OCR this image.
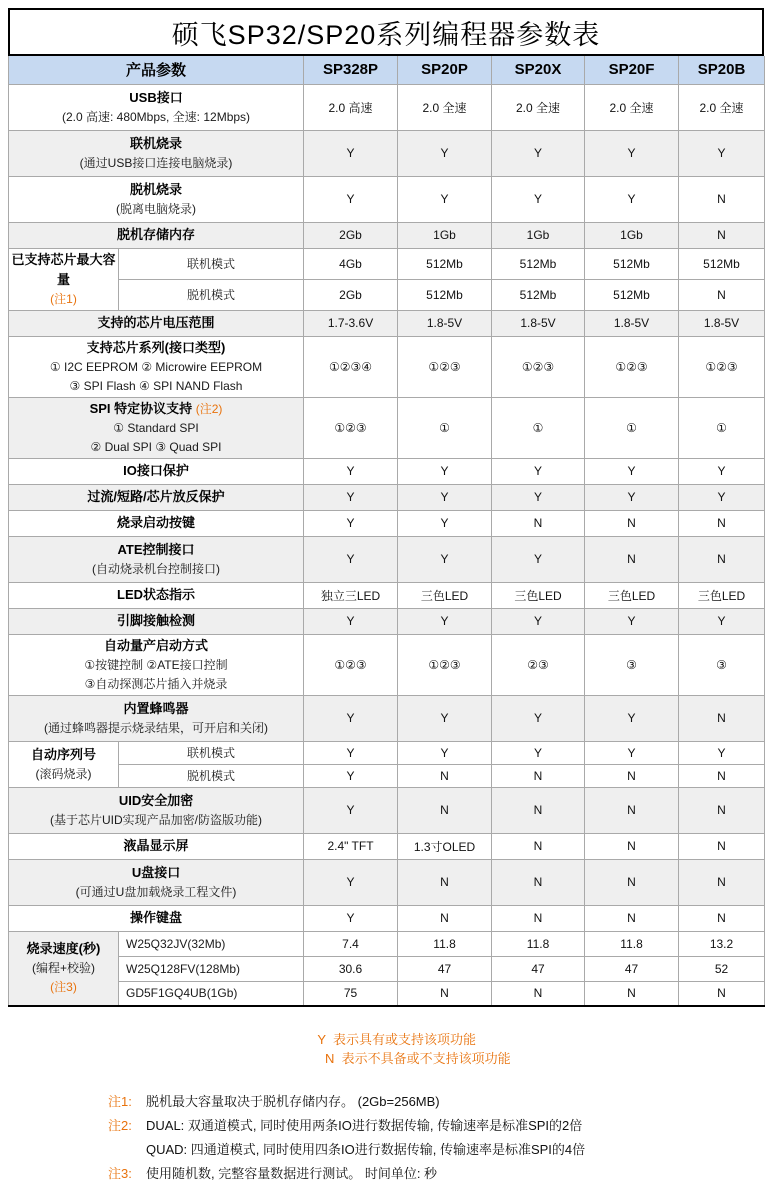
硕飞SP32/SP20系列编程器参数表
产品参数		SP328P	SP20P	SP20X	SP20F	SP20B

USB接口
(2.0 高速: 480Mbps, 全速: 12Mbps)		2.0 高速	2.0 全速	2.0 全速	2.0 全速	2.0 全速

联机烧录
(通过USB接口连接电脑烧录)		Y	Y	Y	Y	Y

脱机烧录
(脱离电脑烧录)		Y	Y	Y	Y	N

脱机存储内存		2Gb	1Gb	1Gb	1Gb	N

已支持芯片最大容量
(注1)	联机模式	4Gb	512Mb	512Mb	512Mb	512Mb
	脱机模式	2Gb	512Mb	512Mb	512Mb	N

支持的芯片电压范围		1.7-3.6V	1.8-5V	1.8-5V	1.8-5V	1.8-5V

支持芯片系列(接口类型)
① I2C EEPROM ② Microwire EEPROM
③ SPI Flash ④ SPI NAND Flash		①②③④	①②③	①②③	①②③	①②③

SPI 特定协议支持 (注2)
① Standard SPI
② Dual SPI ③ Quad SPI		①②③	①	①	①	①

IO接口保护		Y	Y	Y	Y	Y

过流/短路/芯片放反保护		Y	Y	Y	Y	Y

烧录启动按键		Y	Y	N	N	N

ATE控制接口
(自动烧录机台控制接口)		Y	Y	Y	N	N

LED状态指示		独立三LED	三色LED	三色LED	三色LED	三色LED

引脚接触检测		Y	Y	Y	Y	Y

自动量产启动方式
①按键控制 ②ATE接口控制
③自动探测芯片插入并烧录		①②③	①②③	②③	③	③

内置蜂鸣器
(通过蜂鸣器提示烧录结果，可开启和关闭)		Y	Y	Y	Y	N

自动序列号
(滚码烧录)	联机模式	Y	Y	Y	Y	Y
	脱机模式	Y	N	N	N	N

UID安全加密
(基于芯片UID实现产品加密/防盗版功能)		Y	N	N	N	N

液晶显示屏		2.4" TFT	1.3寸OLED	N	N	N

U盘接口
(可通过U盘加载烧录工程文件)		Y	N	N	N	N

操作键盘		Y	N	N	N	N

烧录速度(秒)
(编程+校验)
(注3)	W25Q32JV(32Mb)	7.4	11.8	11.8	11.8	13.2
	W25Q128FV(128Mb)	30.6	47	47	47	52
	GD5F1GQ4UB(1Gb)	75	N	N	N	N

Y  表示具有或支持该项功能
N  表示不具备或不支持该项功能

注1:	脱机最大容量取决于脱机存储内存。 (2Gb=256MB)
注2:	DUAL: 双通道模式, 同时使用两条IO进行数据传输, 传输速率是标准SPI的2倍
QUAD: 四通道模式, 同时使用四条IO进行数据传输, 传输速率是标准SPI的4倍
注3:	使用随机数, 完整容量数据进行测试。 时间单位: 秒
